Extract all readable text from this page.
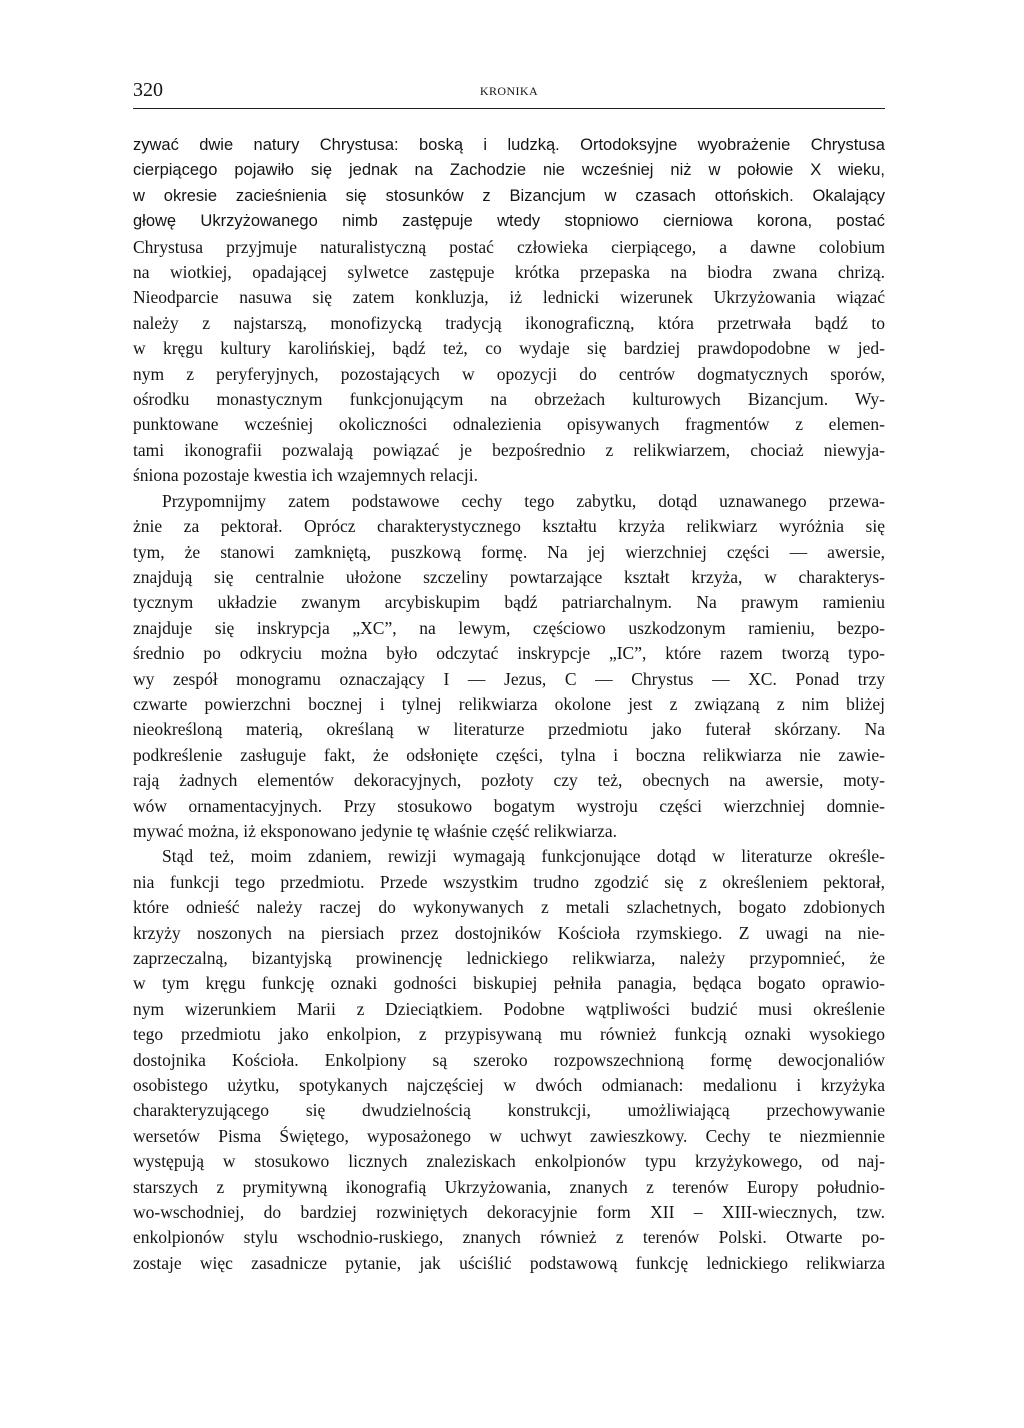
320	KRONIKA

zywać dwie natury Chrystusa: boską i ludzką. Ortodoksyjne wyobrażenie Chrystusa

cierpiącego pojawiło się jednak na Zachodzie nie wcześniej niż w połowie X wieku,

w okresie zacieśnienia się stosunków z Bizancjum w czasach ottońskich. Okalający

głowę Ukrzyżowanego nimb zastępuje wtedy stopniowo cierniowa korona, postać

Chrystusa przyjmuje naturalistyczną postać człowieka cierpiącego, a dawne colobium

na wiotkiej, opadającej sylwetce zastępuje krótka przepaska na biodra zwana chrizą.

Nieodparcie nasuwa się zatem konkluzja, iż lednicki wizerunek Ukrzyżowania wiązać

należy z najstarszą, monofizycką tradycją ikonograficzną, która przetrwała bądź to

w kręgu kultury karolińskiej, bądź też, co wydaje się bardziej prawdopodobne w jed-

nym z peryferyjnych, pozostających w opozycji do centrów dogmatycznych sporów,

ośrodku monastycznym funkcjonującym na obrzeżach kulturowych Bizancjum. Wy-

punktowane wcześniej okoliczności odnalezienia opisywanych fragmentów z elemen-

tami ikonografii pozwalają powiązać je bezpośrednio z relikwiarzem, chociaż niewyja-

śniona pozostaje kwestia ich wzajemnych relacji.

Przypomnijmy zatem podstawowe cechy tego zabytku, dotąd uznawanego przewa-

żnie za pektorał. Oprócz charakterystycznego kształtu krzyża relikwiarz wyróżnia się

tym, że stanowi zamkniętą, puszkową formę. Na jej wierzchniej części — awersie,

znajdują się centralnie ułożone szczeliny powtarzające kształt krzyża, w charakterys-

tycznym układzie zwanym arcybiskupim bądź patriarchalnym. Na prawym ramieniu

znajduje się inskrypcja „XC”, na lewym, częściowo uszkodzonym ramieniu, bezpo-

średnio po odkryciu można było odczytać inskrypcje „IC”, które razem tworzą typo-

wy zespół monogramu oznaczający I — Jezus, C — Chrystus — XC. Ponad trzy

czwarte powierzchni bocznej i tylnej relikwiarza okolone jest z związaną z nim bliżej

nieokreśloną materią, określaną w literaturze przedmiotu jako futerał skórzany. Na

podkreślenie zasługuje fakt, że odsłonięte części, tylna i boczna relikwiarza nie zawie-

rają żadnych elementów dekoracyjnych, pozłoty czy też, obecnych na awersie, moty-

wów ornamentacyjnych. Przy stosukowo bogatym wystroju części wierzchniej domnie-

mywać można, iż eksponowano jedynie tę właśnie część relikwiarza.

Stąd też, moim zdaniem, rewizji wymagają funkcjonujące dotąd w literaturze określe-

nia funkcji tego przedmiotu. Przede wszystkim trudno zgodzić się z określeniem pektorał,

które odnieść należy raczej do wykonywanych z metali szlachetnych, bogato zdobionych

krzyży noszonych na piersiach przez dostojników Kościoła rzymskiego. Z uwagi na nie-

zaprzeczalną, bizantyjską prowinencję lednickiego relikwiarza, należy przypomnieć, że

w tym kręgu funkcję oznaki godności biskupiej pełniła panagia, będąca bogato oprawio-

nym wizerunkiem Marii z Dzieciątkiem. Podobne wątpliwości budzić musi określenie

tego przedmiotu jako enkolpion, z przypisywaną mu również funkcją oznaki wysokiego

dostojnika Kościoła. Enkolpiony są szeroko rozpowszechnioną formę dewocjonaliów

osobistego użytku, spotykanych najczęściej w dwóch odmianach: medalionu i krzyżyka

charakteryzującego się dwudzielnością konstrukcji, umożliwiającą przechowywanie

wersetów Pisma Świętego, wyposażonego w uchwyt zawieszkowy. Cechy te niezmiennie

występują w stosukowo licznych znaleziskach enkolpionów typu krzyżykowego, od naj-

starszych z prymitywną ikonografią Ukrzyżowania, znanych z terenów Europy południo-

wo-wschodniej, do bardziej rozwiniętych dekoracyjnie form XII – XIII-wiecznych, tzw.

enkolpionów stylu wschodnio-ruskiego, znanych również z terenów Polski. Otwarte po-

zostaje więc zasadnicze pytanie, jak uściślić podstawową funkcję lednickiego relikwiarza
